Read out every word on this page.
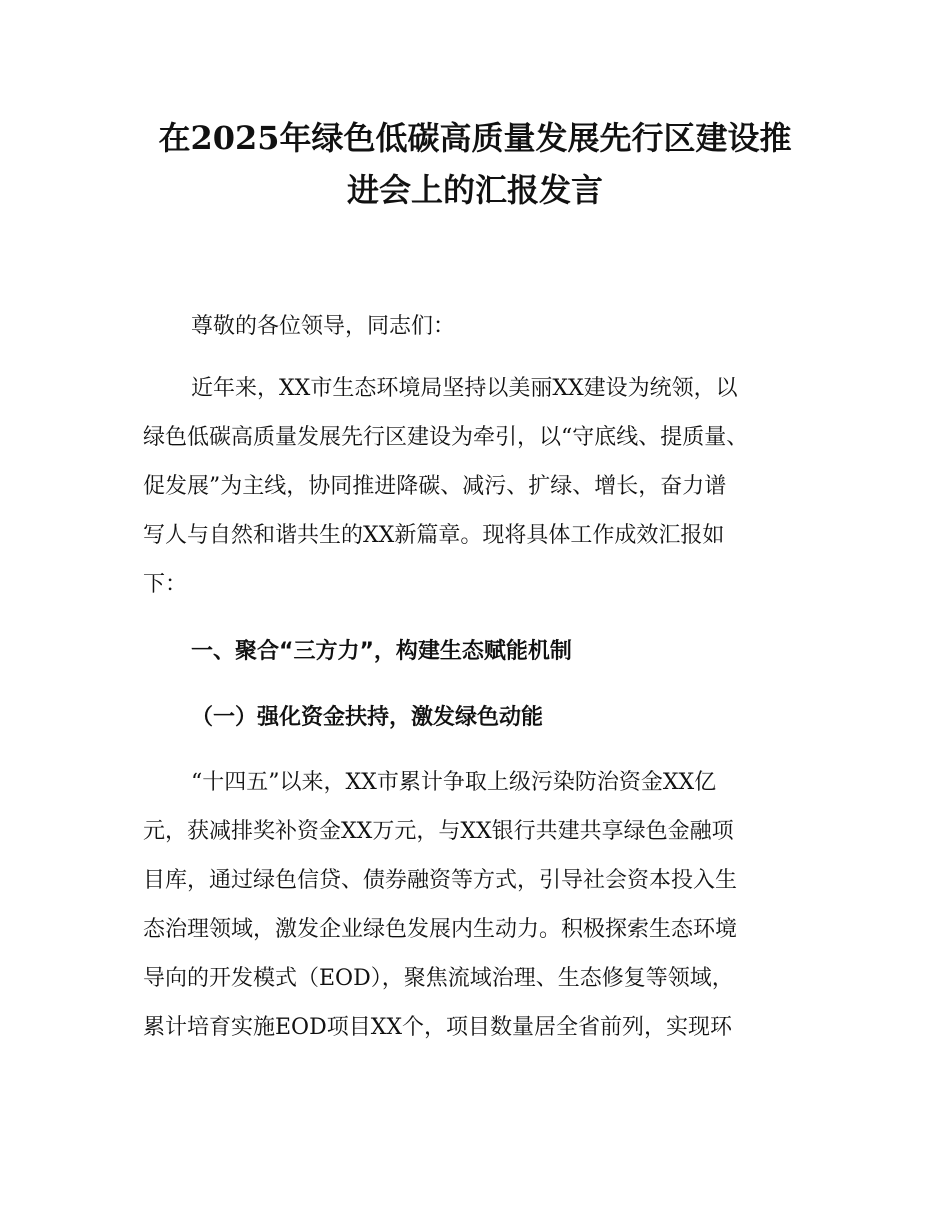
在2025年绿色低碳高质量发展先行区建设推
进会上的汇报发言

尊敬的各位领导，同志们：

近年来，XX市生态环境局坚持以美丽XX建设为统领，以
绿色低碳高质量发展先行区建设为牵引，以“守底线、提质量、
促发展”为主线，协同推进降碳、减污、扩绿、增长，奋力谱
写人与自然和谐共生的XX新篇章。现将具体工作成效汇报如
下：

一、聚合“三方力”，构建生态赋能机制
（一）强化资金扶持，激发绿色动能

“十四五”以来，XX市累计争取上级污染防治资金XX亿
元，获减排奖补资金XX万元，与XX银行共建共享绿色金融项
目库，通过绿色信贷、债券融资等方式，引导社会资本投入生
态治理领域，激发企业绿色发展内生动力。积极探索生态环境
导向的开发模式（EOD），聚焦流域治理、生态修复等领域，
累计培育实施EOD项目XX个，项目数量居全省前列，实现环
